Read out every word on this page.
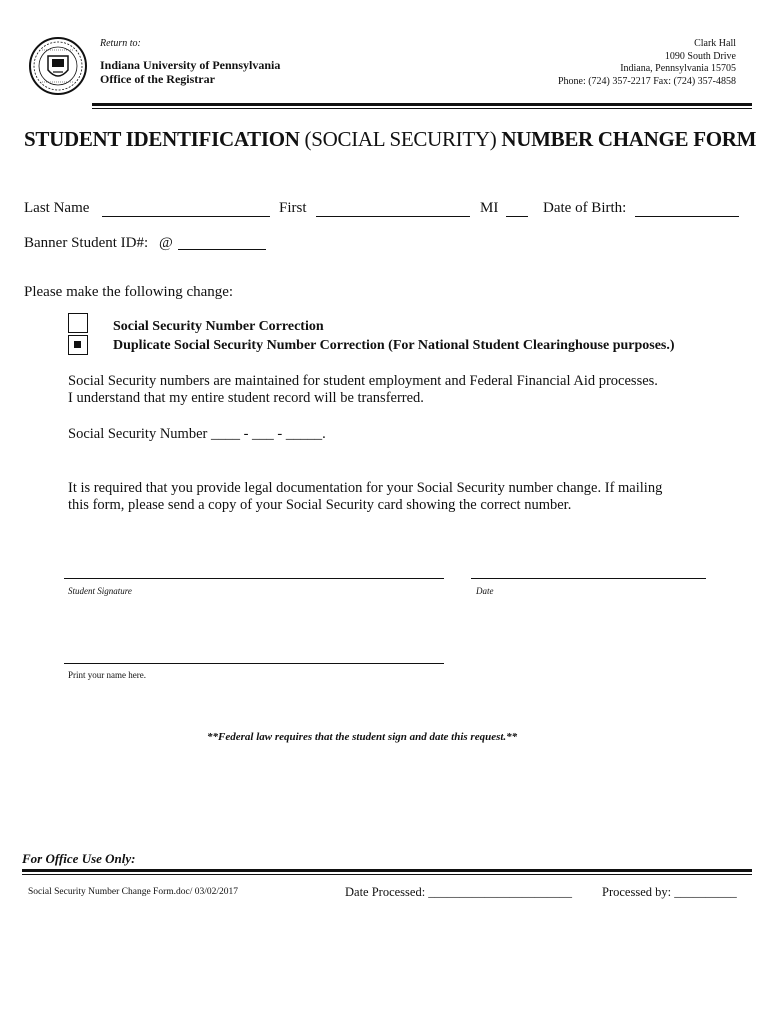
Return to:
Indiana University of Pennsylvania
Office of the Registrar
Clark Hall
1090 South Drive
Indiana, Pennsylvania 15705
Phone: (724) 357-2217 Fax: (724) 357-4858
STUDENT IDENTIFICATION (SOCIAL SECURITY) NUMBER CHANGE FORM
Last Name	First	MI	Date of Birth:
Banner Student ID#: @
Please make the following change:
Social Security Number Correction
Duplicate Social Security Number Correction (For National Student Clearinghouse purposes.)
Social Security numbers are maintained for student employment and Federal Financial Aid processes.
I understand that my entire student record will be transferred.
Social Security Number ____ - ___ - _____.
It is required that you provide legal documentation for your Social Security number change. If mailing
this form, please send a copy of your Social Security card showing the correct number.
Student Signature	Date
Print your name here.
**Federal law requires that the student sign and date this request.**
For Office Use Only:
Social Security Number Change Form.doc/ 03/02/2017	Date Processed: _______________________ Processed by: __________
